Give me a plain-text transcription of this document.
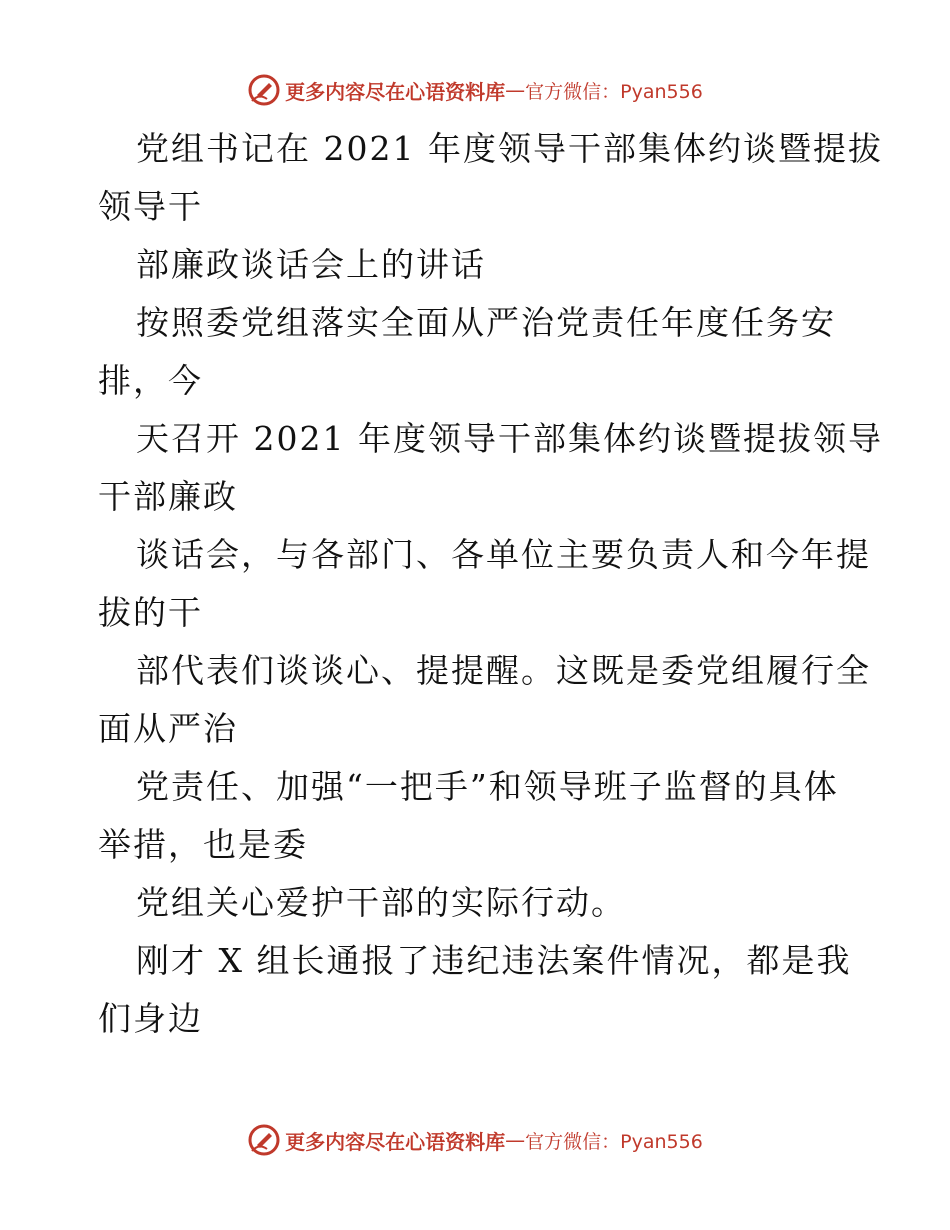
更多内容尽在心语资料库 — 官方微信：Pyan556
党组书记在 2021 年度领导干部集体约谈暨提拔
领导干
部廉政谈话会上的讲话
按照委党组落实全面从严治党责任年度任务安
排，今
天召开 2021 年度领导干部集体约谈暨提拔领导
干部廉政
谈话会，与各部门、各单位主要负责人和今年提
拔的干
部代表们谈谈心、提提醒。这既是委党组履行全
面从严治
党责任、加强“一把手”和领导班子监督的具体
举措，也是委
党组关心爱护干部的实际行动。
刚才 X 组长通报了违纪违法案件情况，都是我
们身边
更多内容尽在心语资料库 — 官方微信：Pyan556
